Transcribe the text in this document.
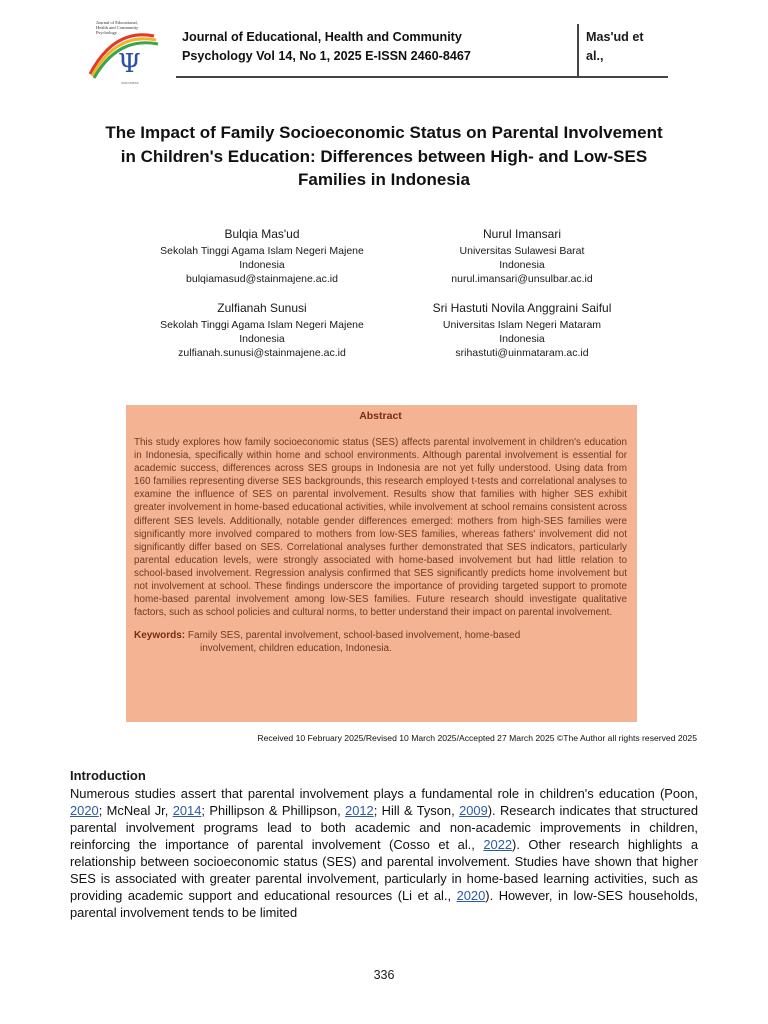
Journal of Educational,
Health and Community
Psychology
Ψ
UMS PRESS
Journal of Educational, Health and Community
Psychology Vol 14, No 1, 2025 E-ISSN 2460-8467
Mas'ud et
al.,
The Impact of Family Socioeconomic Status on Parental Involvement in Children's Education: Differences between High- and Low-SES Families in Indonesia
Bulqia Mas'ud
Sekolah Tinggi Agama Islam Negeri Majene
Indonesia
bulqiamasud@stainmajene.ac.id
Nurul Imansari
Universitas Sulawesi Barat
Indonesia
nurul.imansari@unsulbar.ac.id
Zulfianah Sunusi
Sekolah Tinggi Agama Islam Negeri Majene
Indonesia
zulfianah.sunusi@stainmajene.ac.id
Sri Hastuti Novila Anggraini Saiful
Universitas Islam Negeri Mataram
Indonesia
srihastuti@uinmataram.ac.id
Abstract
This study explores how family socioeconomic status (SES) affects parental involvement in children's education in Indonesia, specifically within home and school environments. Although parental involvement is essential for academic success, differences across SES groups in Indonesia are not yet fully understood. Using data from 160 families representing diverse SES backgrounds, this research employed t-tests and correlational analyses to examine the influence of SES on parental involvement. Results show that families with higher SES exhibit greater involvement in home-based educational activities, while involvement at school remains consistent across different SES levels. Additionally, notable gender differences emerged: mothers from high-SES families were significantly more involved compared to mothers from low-SES families, whereas fathers' involvement did not significantly differ based on SES. Correlational analyses further demonstrated that SES indicators, particularly parental education levels, were strongly associated with home-based involvement but had little relation to school-based involvement. Regression analysis confirmed that SES significantly predicts home involvement but not involvement at school. These findings underscore the importance of providing targeted support to promote home-based parental involvement among low-SES families. Future research should investigate qualitative factors, such as school policies and cultural norms, to better understand their impact on parental involvement.
Keywords: Family SES, parental involvement, school-based involvement, home-based
involvement, children education, Indonesia.
Received 10 February 2025/Revised 10 March 2025/Accepted 27 March 2025 ©The Author all rights reserved 2025
Introduction
Numerous studies assert that parental involvement plays a fundamental role in children's education (Poon, 2020; McNeal Jr, 2014; Phillipson & Phillipson, 2012; Hill & Tyson, 2009). Research indicates that structured parental involvement programs lead to both academic and non-academic improvements in children, reinforcing the importance of parental involvement (Cosso et al., 2022). Other research highlights a relationship between socioeconomic status (SES) and parental involvement. Studies have shown that higher SES is associated with greater parental involvement, particularly in home-based learning activities, such as providing academic support and educational resources (Li et al., 2020). However, in low-SES households, parental involvement tends to be limited
336
